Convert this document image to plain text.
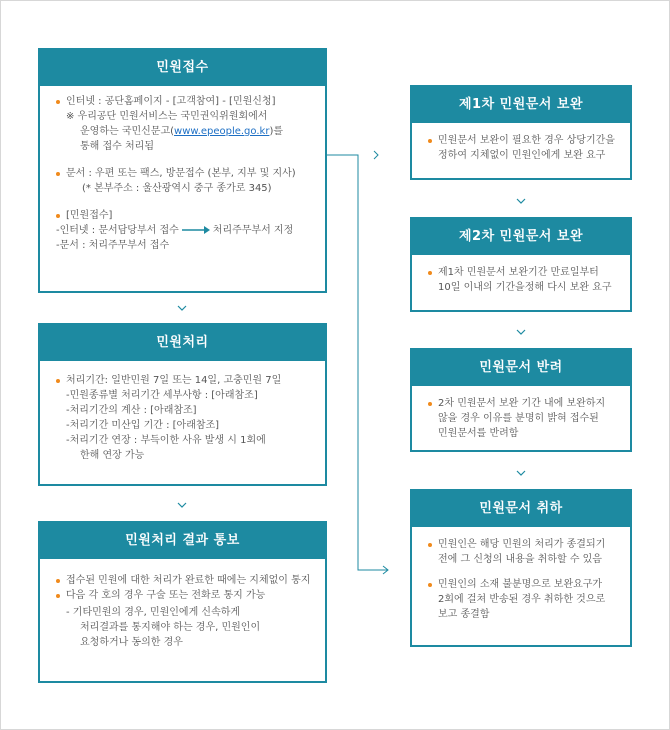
민원접수
인터넷 : 공단홈페이지 - [고객참여] - [민원신청]
※ 우리공단 민원서비스는 국민권익위원회에서
운영하는 국민신문고(www.epeople.go.kr)를
통해 접수 처리됨
문서 : 우편 또는 팩스, 방문접수 (본부, 지부 및 지사)
(* 본부주소 : 울산광역시 중구 종가로 345)
[민원접수]
-인터넷 : 문서담당부서 접수	처리주무부서 지정
-문서 : 처리주무부서 접수
민원처리
처리기간: 일반민원 7일 또는 14일, 고충민원 7일
-민원종류별 처리기간 세부사항 : [아래참조]
-처리기간의 계산 : [아래참조]
-처리기간 미산입 기간 : [아래참조]
-처리기간 연장 : 부득이한 사유 발생 시 1회에
한해 연장 가능
민원처리 결과 통보
접수된 민원에 대한 처리가 완료한 때에는 지체없이 통지
다음 각 호의 경우 구술 또는 전화로 통지 가능
- 기타민원의 경우, 민원인에게 신속하게
처리결과를 통지해야 하는 경우, 민원인이
요청하거나 동의한 경우
제1차 민원문서 보완
민원문서 보완이 필요한 경우 상당기간을
정하여 지체없이 민원인에게 보완 요구
제2차 민원문서 보완
제1차 민원문서 보완기간 만료일부터
10일 이내의 기간을정해 다시 보완 요구
민원문서 반려
2차 민원문서 보완 기간 내에 보완하지
않을 경우 이유를 분명히 밝혀 접수된
민원문서를 반려함
민원문서 취하
민원인은 해당 민원의 처리가 종결되기
전에 그 신청의 내용을 취하할 수 있음
민원인의 소재 불분명으로 보완요구가
2회에 걸쳐 반송된 경우 취하한 것으로
보고 종결함
